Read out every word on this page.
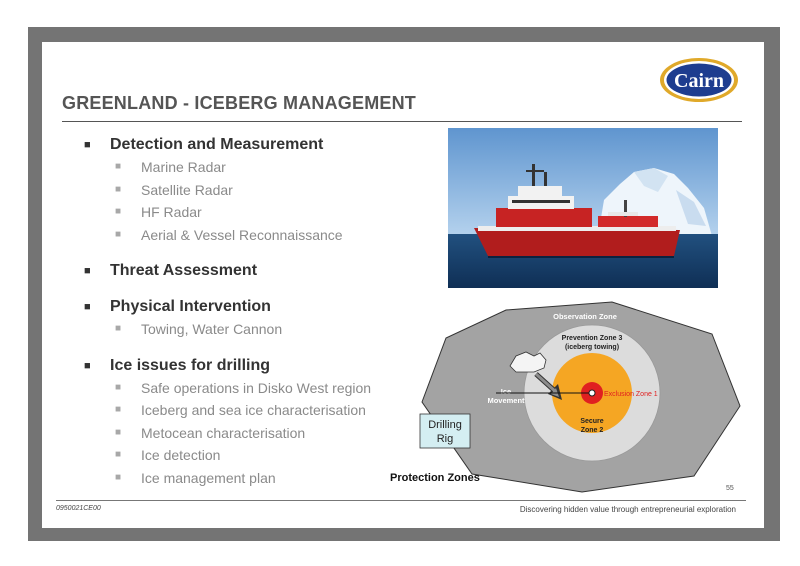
Cairn
GREENLAND - ICEBERG MANAGEMENT
■ Detection and Measurement
■ Marine Radar
■ Satellite Radar
■ HF Radar
■ Aerial & Vessel Reconnaissance
■ Threat Assessment
■ Physical Intervention
■ Towing, Water Cannon
■ Ice issues for drilling
■ Safe operations in Disko West region
■ Iceberg and sea ice characterisation
■ Metocean characterisation
■ Ice detection
■ Ice management plan
Observation Zone
Prevention Zone 3
(iceberg towing)
Exclusion Zone 1
Secure
Zone 2
Ice
Movement
Drilling
Rig
Protection Zones
55
0950021CE00	Discovering hidden value through entrepreneurial exploration
